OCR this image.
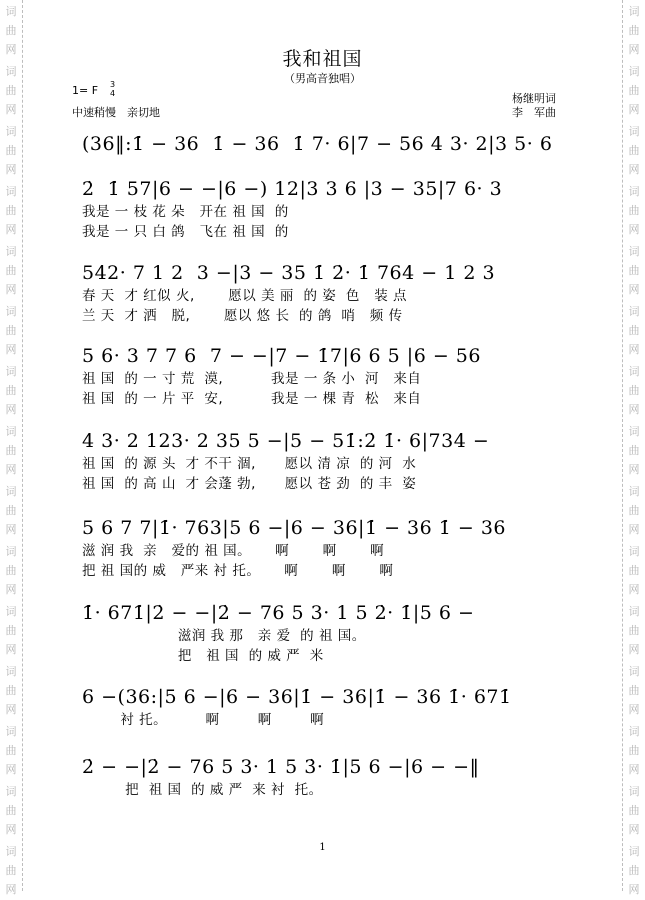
词	词
曲	曲
网	网
词	词
曲	曲
网	网
词	词
曲	曲
网	网
词	词
曲	曲
网	网
词	词
曲	曲
网	网
词	词
曲	曲
网	网
词	词
曲	曲
网	网
词	词
曲	曲
网	网
词	词
曲	曲
网	网
词	词
曲	曲
网	网
词	词
曲	曲
网	网
词	词
曲	曲
网	网
词	词
曲	曲
网	网
词	词
曲	曲
网	网
词	词
曲	曲
网	网
我和祖国
（男高音独唱）
1= F 3
4
中速稍慢　亲切地
杨继明词
李　军曲
(36‖:1̇ − 36  1̇ − 36  1̇ 7· 6|7 − 56 4 3· 2|3 5· 6
2̇  1̇ 57|6 − −|6 −) 12|3 3 6 |3 − 35|7 6· 3
我是 一 枝 花 朵   开在 祖 国  的
我是 一 只 白 鸽   飞在 祖 国  的
542· 7 1 2  3 −|3 − 35 1̇ 2̇· 1̇ 764 − 1 2 3
春 天  才 红似 火,       愿以 美 丽  的 姿  色   装 点
兰 天  才 洒   脱,       愿以 悠 长  的 鸽  哨   频 传
5 6· 3 7 7 6  7 − −|7 − 1̇7|6 6 5 |6 − 56
祖 国  的 一 寸 荒  漠,          我是 一 条 小  河   来自
祖 国  的 一 片 平  安,          我是 一 棵 青  松   来自
4 3· 2 123· 2 35 5 −|5 − 51̇:2̇ 1̇· 6|734 −
祖 国  的 源 头  才 不干 涸,      愿以 清 凉  的 河  水
祖 国  的 高 山  才 会蓬 勃,      愿以 苍 劲  的 丰  姿
5 6 7 7|1̇· 763|5 6 −|6 − 36|1̇ − 36 1̇ − 36
滋 润 我  亲   爱的 祖 国。     啊       啊       啊
把 祖 国的 威   严来 衬 托。     啊       啊       啊
1̇· 671̇|2̇ − −|2̇ − 76 5 3· 1 5 2̇· 1̇|5 6 −
滋润 我 那   亲 爱  的 祖 国。
把   祖 国  的 威 严  米
6 −(36:|5 6 −|6 − 36|1̇ − 36|1̇ − 36 1̇· 671̇
衬 托。        啊        啊        啊
2̇ − −|2̇ − 76 5 3· 1 5 3̇· 1̇|5 6 −|6 − −‖
把  祖 国  的 威 严  来 衬  托。
1
